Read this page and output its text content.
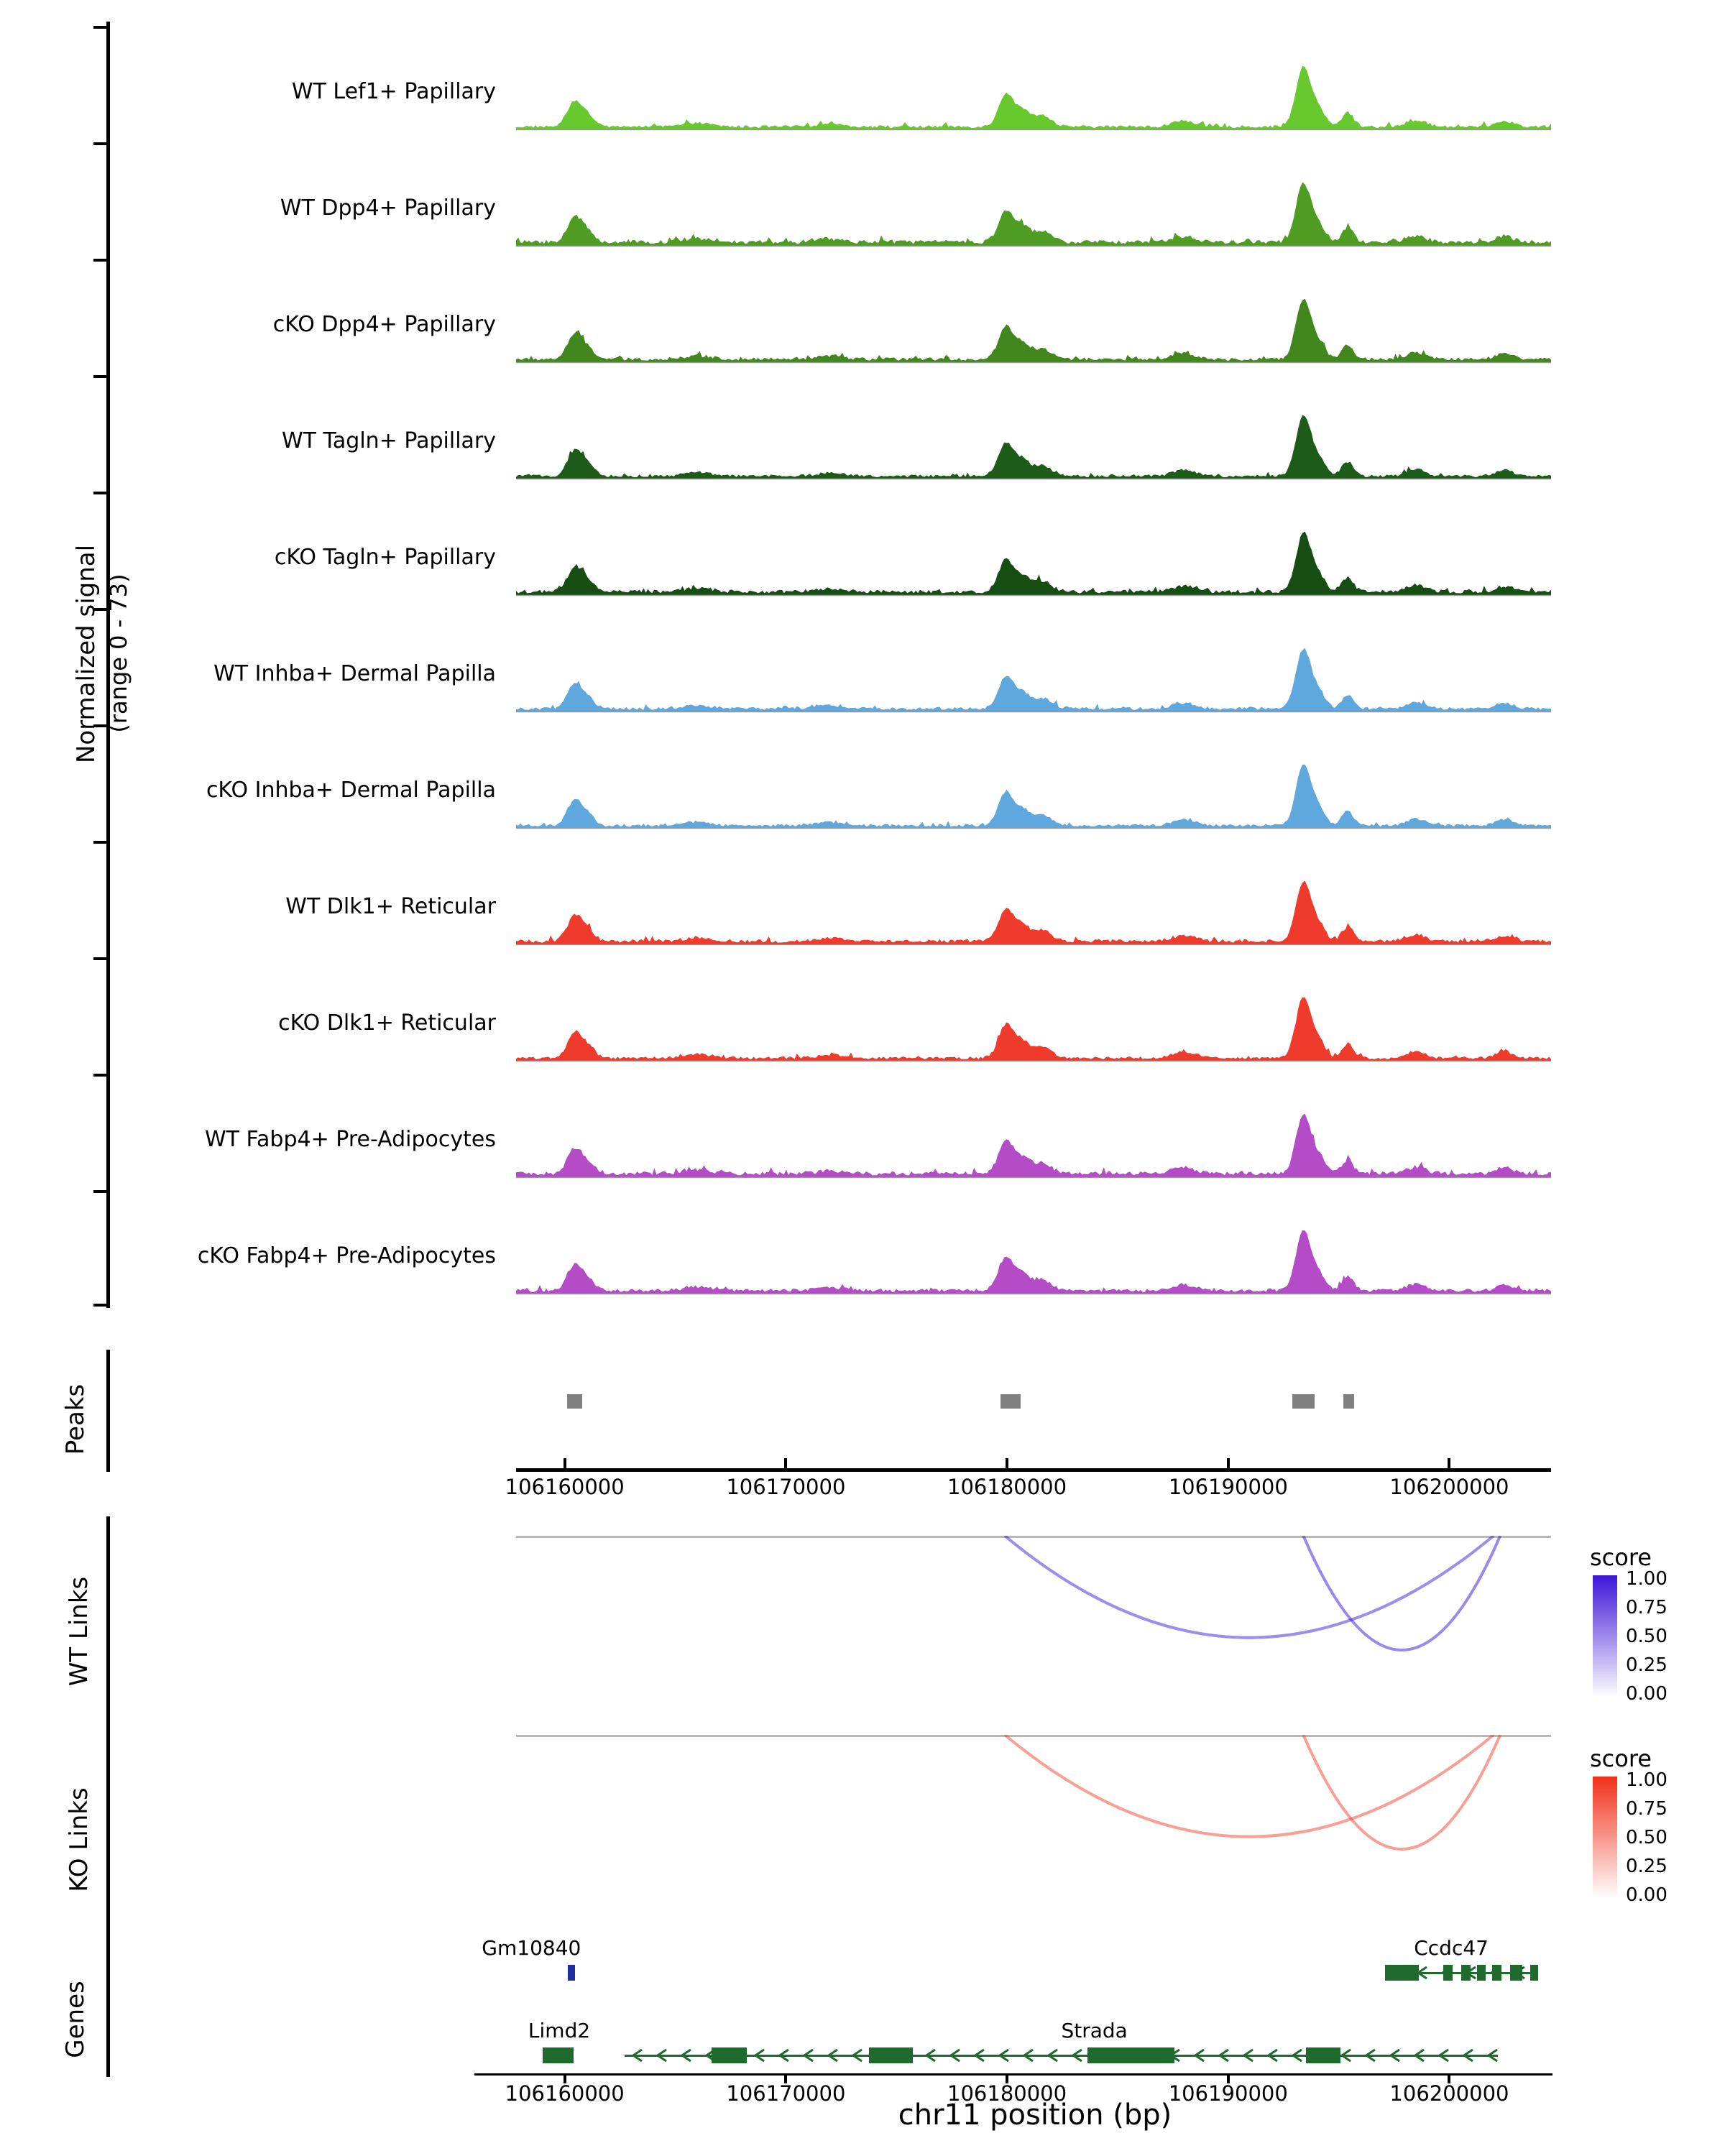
Normalized signal (range 0 - 73)
WT Lef1+ Papillary
WT Dpp4+ Papillary
cKO Dpp4+ Papillary
WT Tagln+ Papillary
cKO Tagln+ Papillary
WT Inhba+ Dermal Papilla
cKO Inhba+ Dermal Papilla
WT Dlk1+ Reticular
cKO Dlk1+ Reticular
WT Fabp4+ Pre-Adipocytes
cKO Fabp4+ Pre-Adipocytes
Peaks
106160000	106170000	106180000	106190000	106200000
WT Links
score
1.00
0.75
0.50
0.25
0.00
KO Links
score
1.00
0.75
0.50
0.25
0.00
Genes
Gm10840	Ccdc47
Limd2	Strada
106160000	106170000	106180000	106190000	106200000
chr11 position (bp)
